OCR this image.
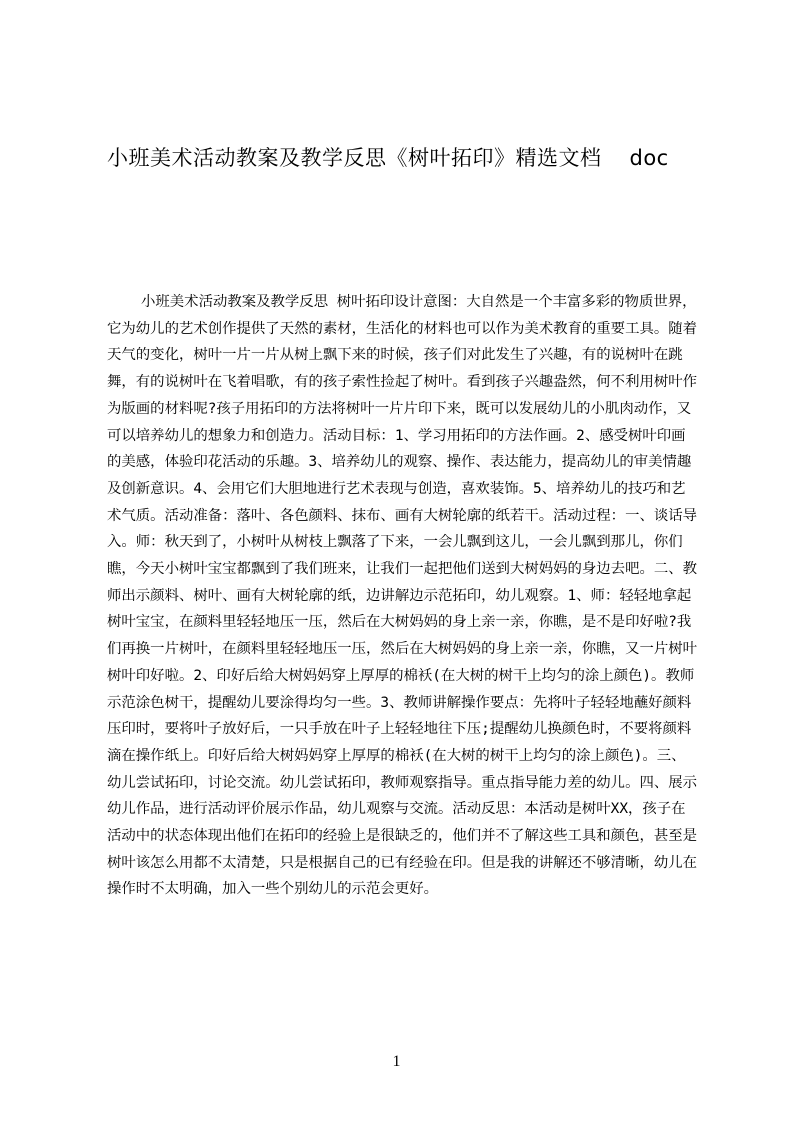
小班美术活动教案及教学反思《树叶拓印》精选文档 doc

小班美术活动教案及教学反思 树叶拓印设计意图：大自然是一个丰富多彩的物质世界，它为幼儿的艺术创作提供了天然的素材，生活化的材料也可以作为美术教育的重要工具。随着天气的变化，树叶一片一片从树上飘下来的时候，孩子们对此发生了兴趣，有的说树叶在跳舞，有的说树叶在飞着唱歌，有的孩子索性捡起了树叶。看到孩子兴趣盎然，何不利用树叶作为版画的材料呢?孩子用拓印的方法将树叶一片片印下来，既可以发展幼儿的小肌肉动作，又可以培养幼儿的想象力和创造力。活动目标：1、学习用拓印的方法作画。2、感受树叶印画的美感，体验印花活动的乐趣。3、培养幼儿的观察、操作、表达能力，提高幼儿的审美情趣及创新意识。4、会用它们大胆地进行艺术表现与创造，喜欢装饰。5、培养幼儿的技巧和艺术气质。活动准备：落叶、各色颜料、抹布、画有大树轮廓的纸若干。活动过程：一、谈话导入。师：秋天到了，小树叶从树枝上飘落了下来，一会儿飘到这儿，一会儿飘到那儿，你们瞧，今天小树叶宝宝都飘到了我们班来，让我们一起把他们送到大树妈妈的身边去吧。二、教师出示颜料、树叶、画有大树轮廓的纸，边讲解边示范拓印，幼儿观察。1、师：轻轻地拿起树叶宝宝，在颜料里轻轻地压一压，然后在大树妈妈的身上亲一亲，你瞧，是不是印好啦?我们再换一片树叶，在颜料里轻轻地压一压，然后在大树妈妈的身上亲一亲，你瞧，又一片树叶树叶印好啦。2、印好后给大树妈妈穿上厚厚的棉袄(在大树的树干上均匀的涂上颜色)。教师示范涂色树干，提醒幼儿要涂得均匀一些。3、教师讲解操作要点：先将叶子轻轻地蘸好颜料压印时，要将叶子放好后，一只手放在叶子上轻轻地往下压;提醒幼儿换颜色时，不要将颜料滴在操作纸上。印好后给大树妈妈穿上厚厚的棉袄(在大树的树干上均匀的涂上颜色)。三、幼儿尝试拓印，讨论交流。幼儿尝试拓印，教师观察指导。重点指导能力差的幼儿。四、展示幼儿作品，进行活动评价展示作品，幼儿观察与交流。活动反思：本活动是树叶XX，孩子在活动中的状态体现出他们在拓印的经验上是很缺乏的，他们并不了解这些工具和颜色，甚至是树叶该怎么用都不太清楚，只是根据自己的已有经验在印。但是我的讲解还不够清晰，幼儿在操作时不太明确，加入一些个别幼儿的示范会更好。

1
